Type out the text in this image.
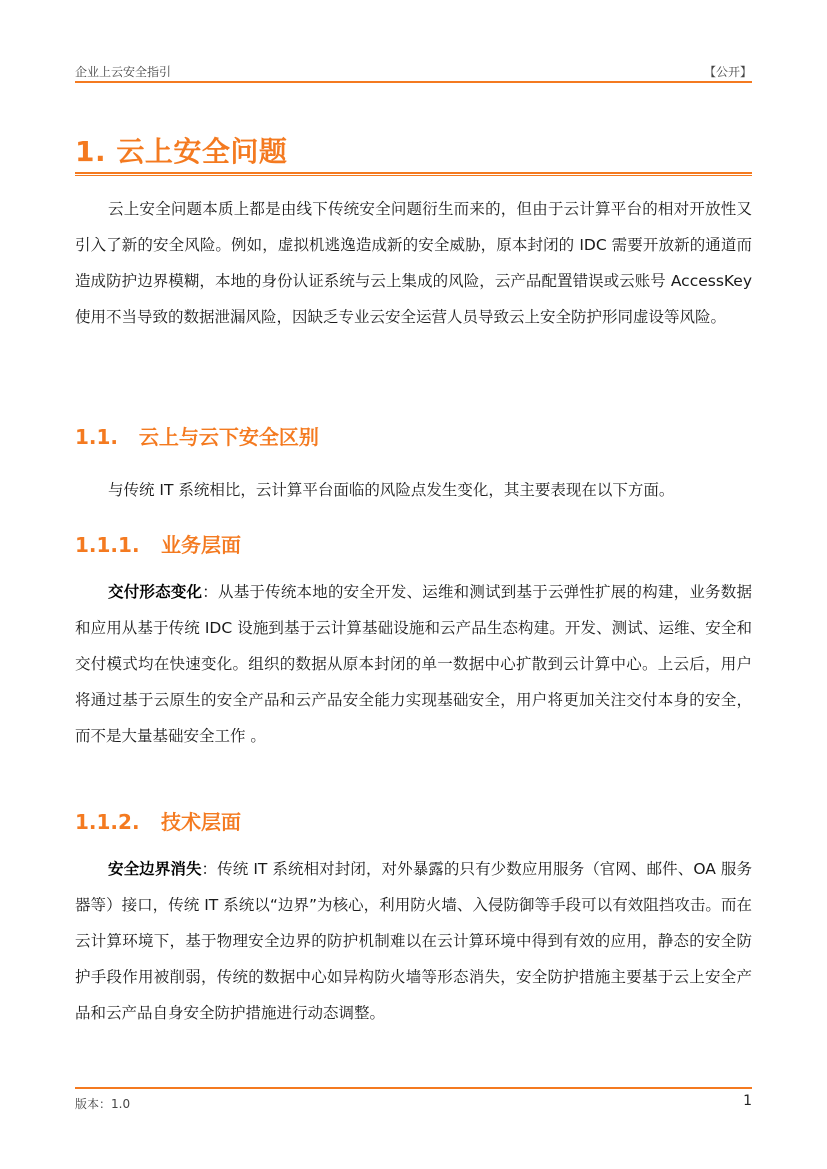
企业上云安全指引	【公开】
1. 云上安全问题
云上安全问题本质上都是由线下传统安全问题衍生而来的，但由于云计算平台的相对开放性又引入了新的安全风险。例如，虚拟机逃逸造成新的安全威胁，原本封闭的 IDC 需要开放新的通道而造成防护边界模糊，本地的身份认证系统与云上集成的风险，云产品配置错误或云账号 AccessKey 使用不当导致的数据泄漏风险，因缺乏专业云安全运营人员导致云上安全防护形同虚设等风险。
1.1.   云上与云下安全区别
与传统 IT 系统相比，云计算平台面临的风险点发生变化，其主要表现在以下方面。
1.1.1. 业务层面
交付形态变化：从基于传统本地的安全开发、运维和测试到基于云弹性扩展的构建，业务数据和应用从基于传统 IDC 设施到基于云计算基础设施和云产品生态构建。开发、测试、运维、安全和交付模式均在快速变化。组织的数据从原本封闭的单一数据中心扩散到云计算中心。上云后，用户将通过基于云原生的安全产品和云产品安全能力实现基础安全，用户将更加关注交付本身的安全，而不是大量基础安全工作 。
1.1.2. 技术层面
安全边界消失：传统 IT 系统相对封闭，对外暴露的只有少数应用服务（官网、邮件、OA 服务器等）接口，传统 IT 系统以“边界”为核心，利用防火墙、入侵防御等手段可以有效阻挡攻击。而在云计算环境下，基于物理安全边界的防护机制难以在云计算环境中得到有效的应用，静态的安全防护手段作用被削弱，传统的数据中心如异构防火墙等形态消失，安全防护措施主要基于云上安全产品和云产品自身安全防护措施进行动态调整。
版本：1.0	1
